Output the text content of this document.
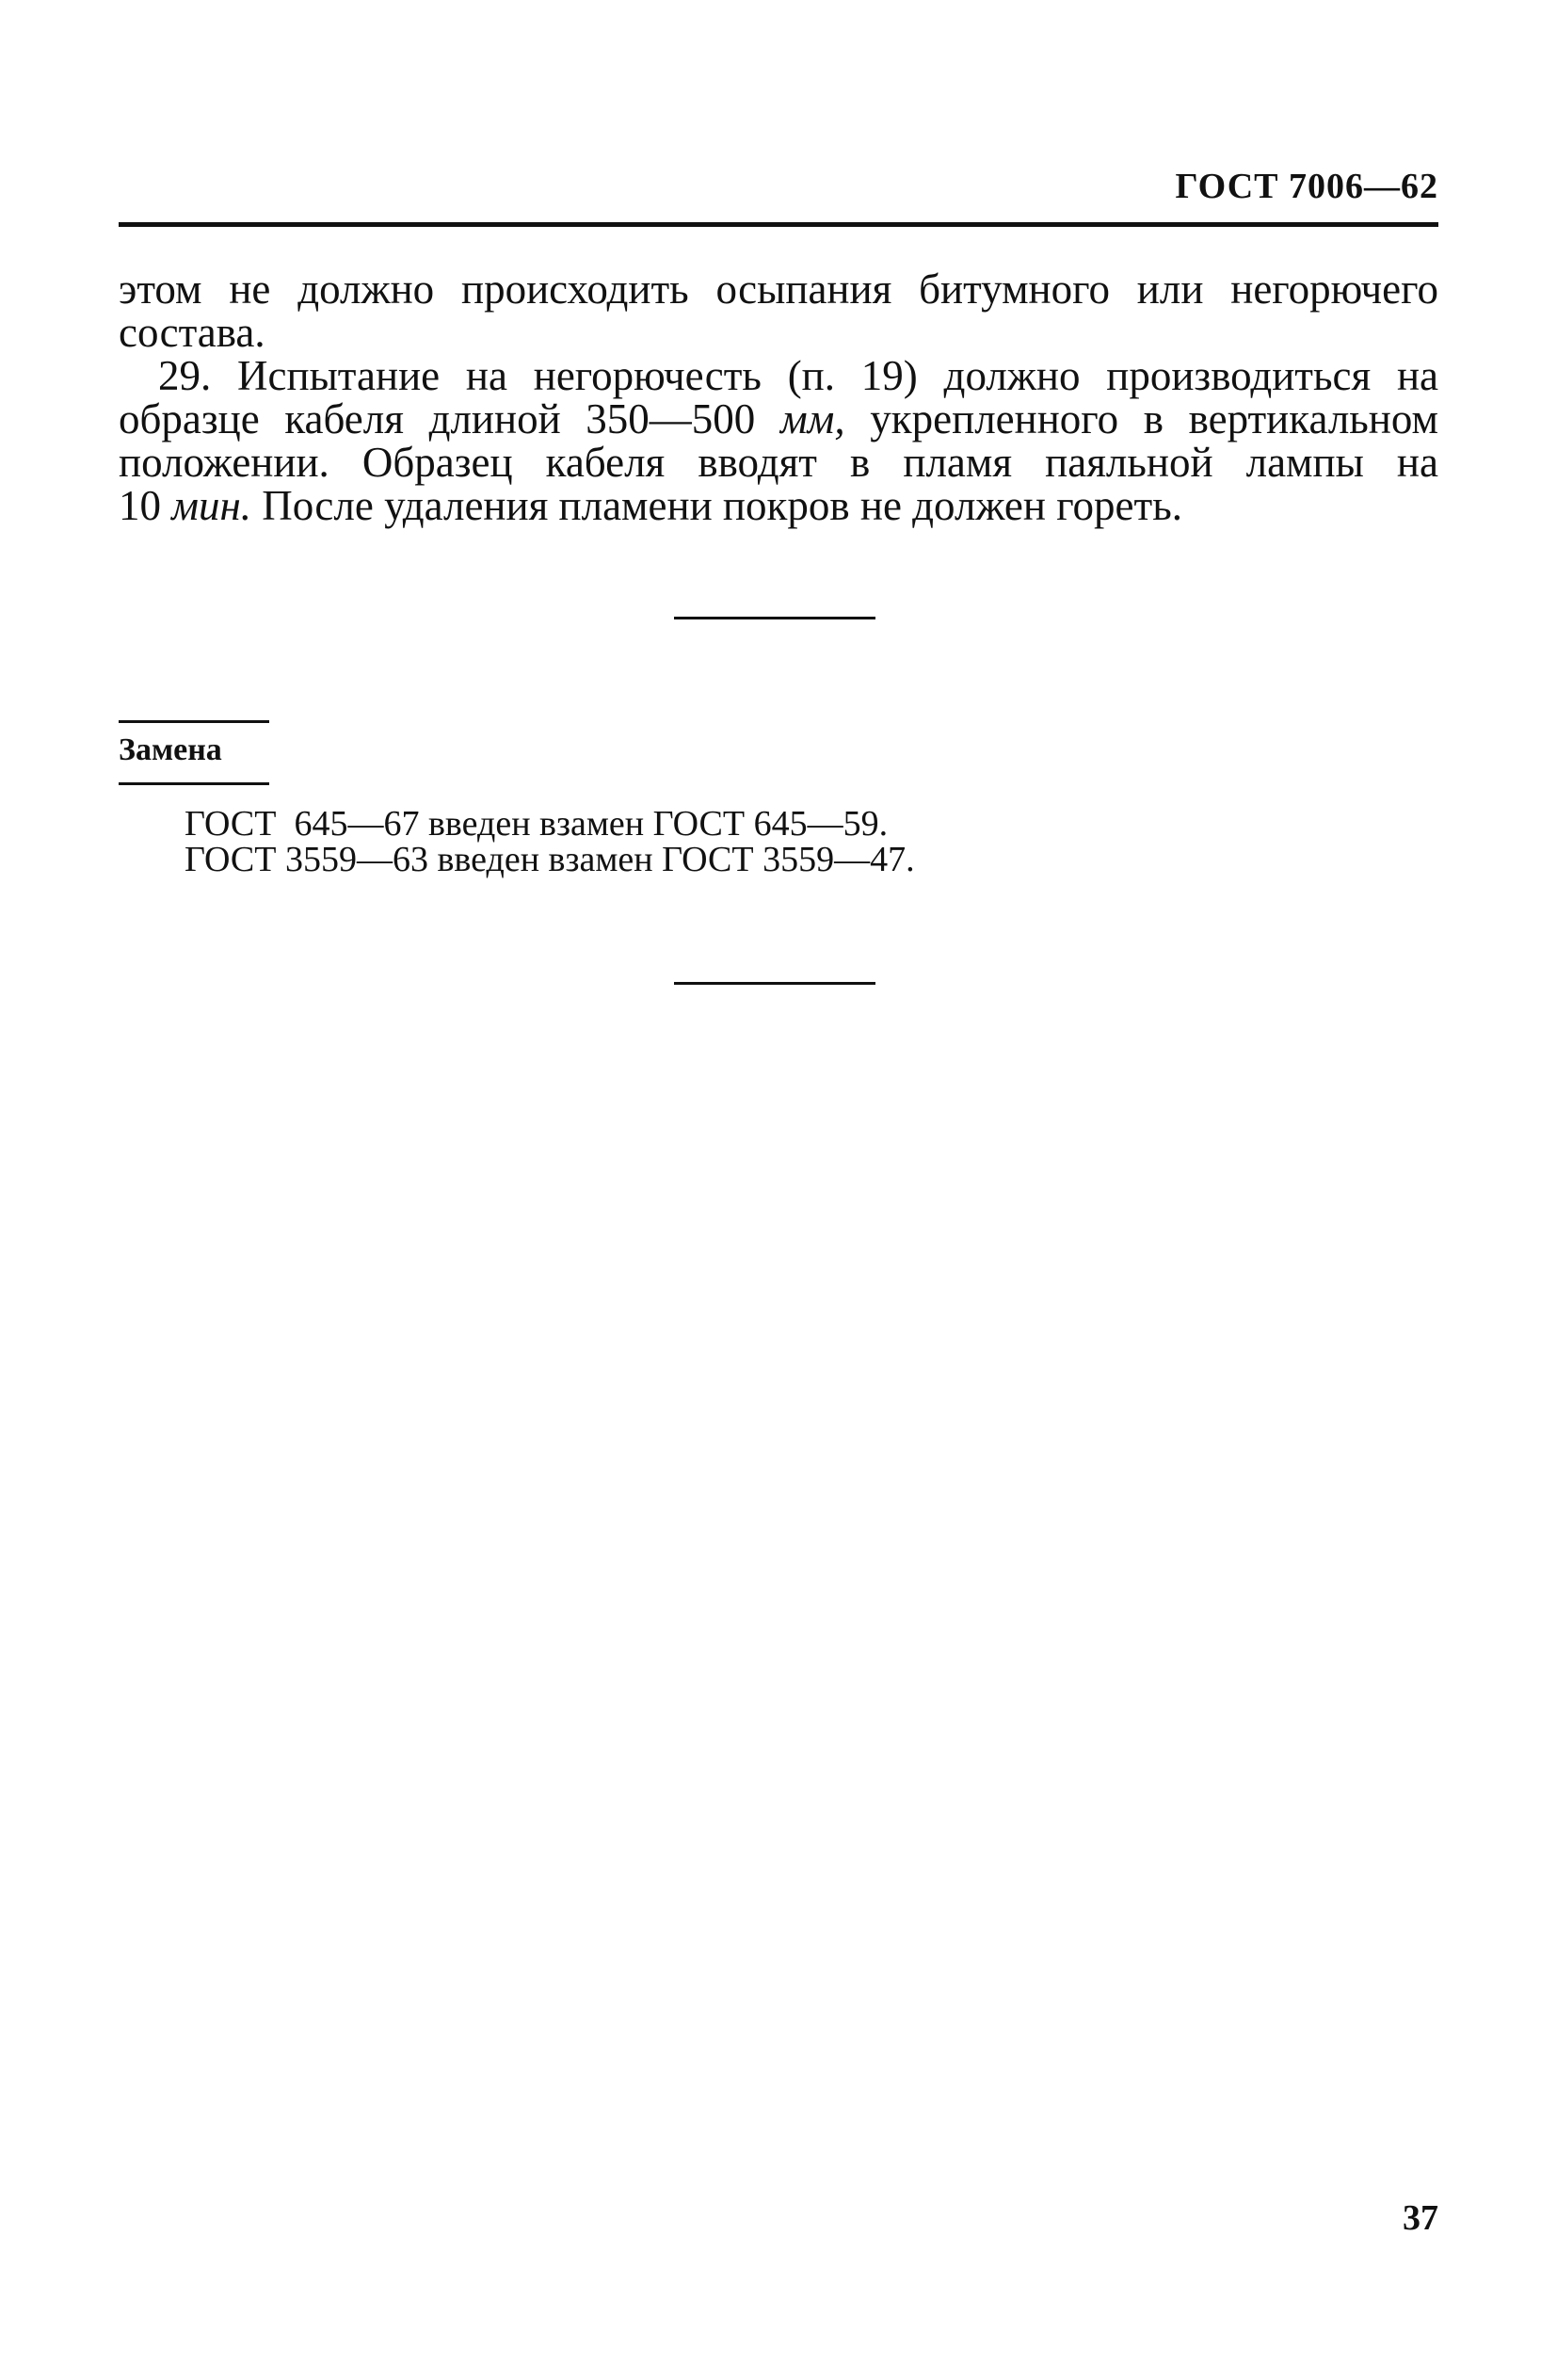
ГОСТ 7006—62
этом не должно происходить осыпания битумного или негорючего
состава.
29. Испытание на негорючесть (п. 19) должно производиться на
образце кабеля длиной 350—500 мм, укрепленного в вертикальном
положении. Образец кабеля вводят в пламя паяльной лампы на
10 мин. После удаления пламени покров не должен гореть.
Замена
ГОСТ  645—67 введен взамен ГОСТ 645—59.
ГОСТ 3559—63 введен взамен ГОСТ 3559—47.
37
